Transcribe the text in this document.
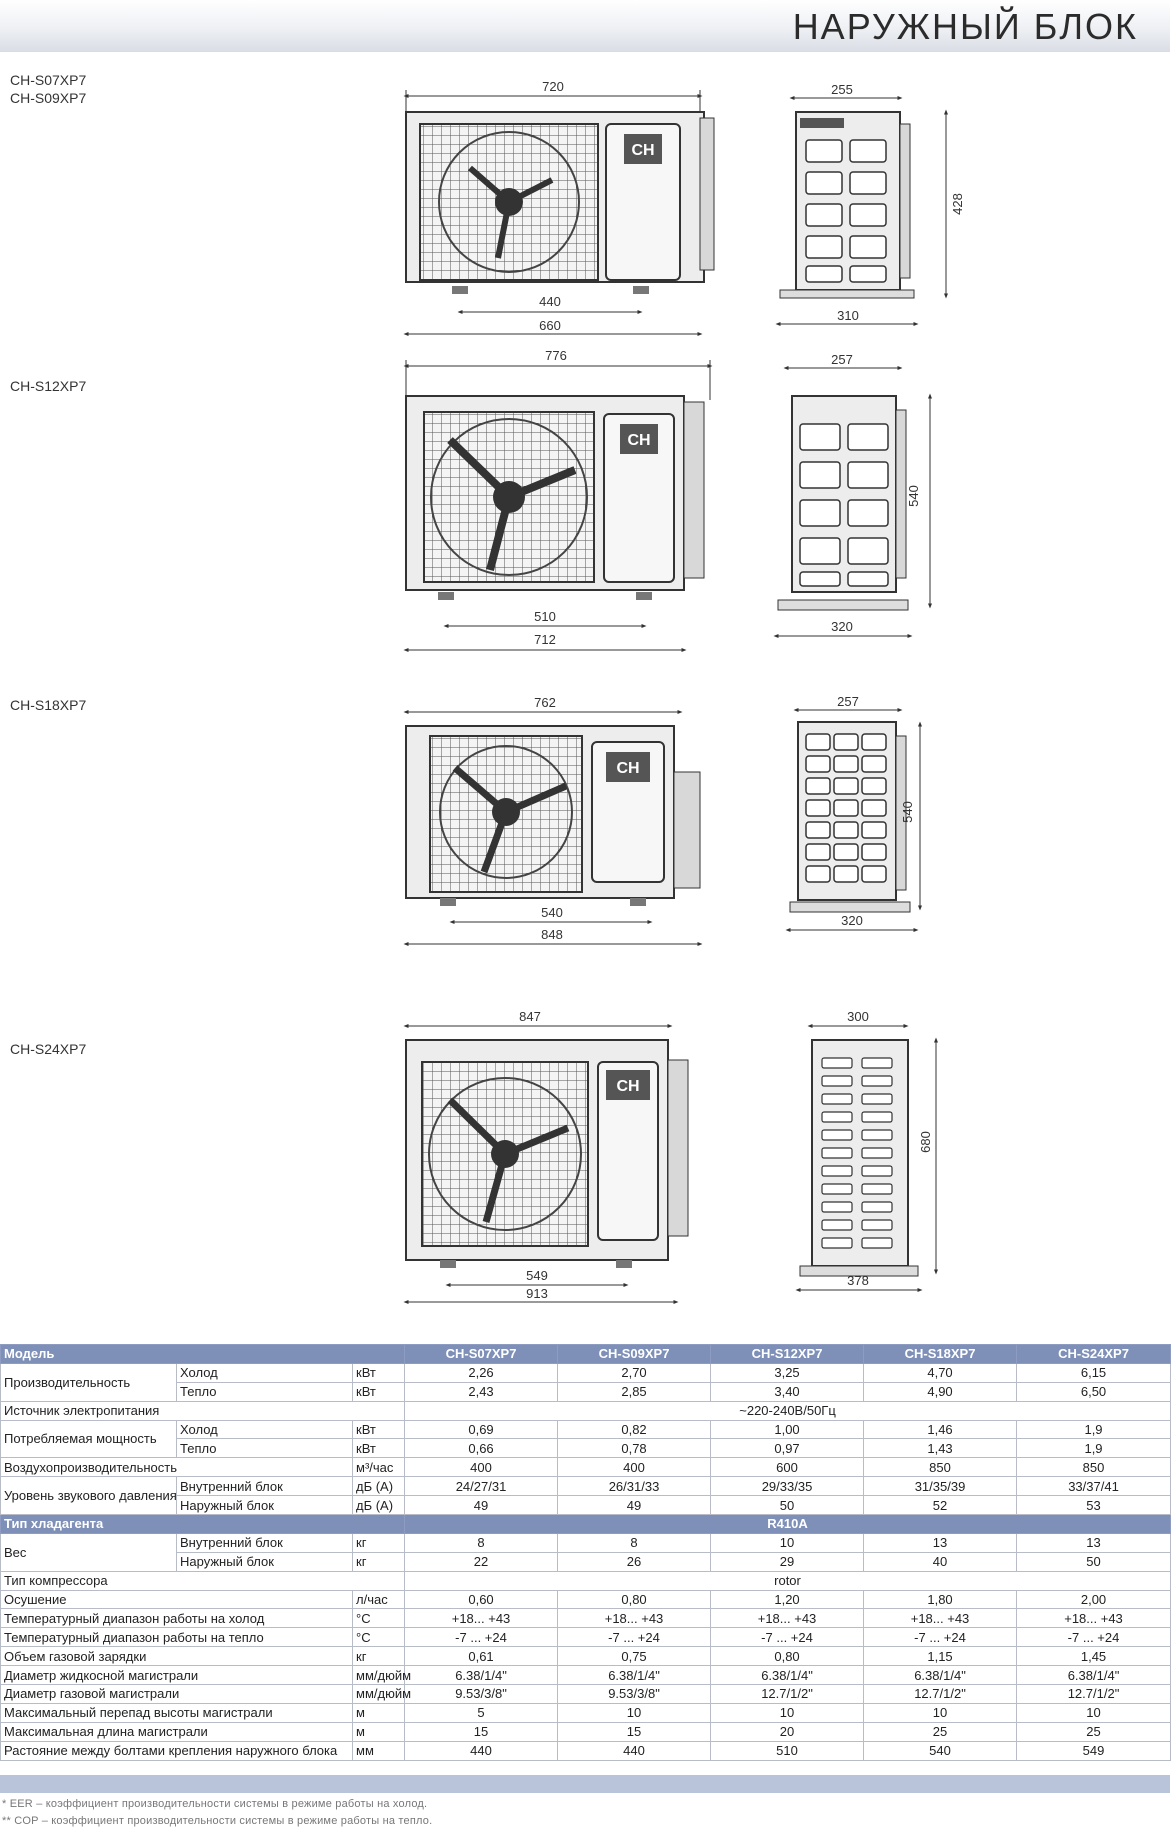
НАРУЖНЫЙ БЛОК
CH-S07XP7
CH-S09XP7
CH-S12XP7
CH-S18XP7
CH-S24XP7
CH
440
660
720	255
428
310
776
CH
510
712
257
540
320
762
CH
540
848
257
540
320
847
CH
549
913
300
680
378
Модель			CH-S07XP7	CH-S09XP7	CH-S12XP7	CH-S18XP7	CH-S24XP7
Производительность	Холод	кВт	2,26	2,70	3,25	4,70	6,15
	Тепло	кВт	2,43	2,85	3,40	4,90	6,50
Источник электропитания			~220-240В/50Гц				
Потребляемая мощность	Холод	кВт	0,69	0,82	1,00	1,46	1,9
	Тепло	кВт	0,66	0,78	0,97	1,43	1,9
Воздухопроизводительность		м³/час	400	400	600	850	850
Уровень звукового давления	Внутренний блок	дБ (А)	24/27/31	26/31/33	29/33/35	31/35/39	33/37/41
	Наружный блок	дБ (А)	49	49	50	52	53
Тип хладагента			R410A				
Вес	Внутренний блок	кг	8	8	10	13	13
	Наружный блок	кг	22	26	29	40	50
Тип компрессора			rotor				
Осушение		л/час	0,60	0,80	1,20	1,80	2,00
Температурный диапазон работы на холод		°С	+18... +43	+18... +43	+18... +43	+18... +43	+18... +43
Температурный диапазон работы на тепло		°С	-7 ... +24	-7 ... +24	-7 ... +24	-7 ... +24	-7 ... +24
Объем газовой зарядки		кг	0,61	0,75	0,80	1,15	1,45
Диаметр жидкосной магистрали		мм/дюйм	6.38/1/4"	6.38/1/4"	6.38/1/4"	6.38/1/4"	6.38/1/4"
Диаметр газовой магистрали		мм/дюйм	9.53/3/8"	9.53/3/8"	12.7/1/2"	12.7/1/2"	12.7/1/2"
Максимальный перепад высоты магистрали		м	5	10	10	10	10
Максимальная длина магистрали		м	15	15	20	25	25
Растояние между болтами крепления наружного блока		мм	440	440	510	540	549
* EER – коэффициент производительности системы в режиме работы на холод.
** COP – коэффициент производительности системы в режиме работы на тепло.
